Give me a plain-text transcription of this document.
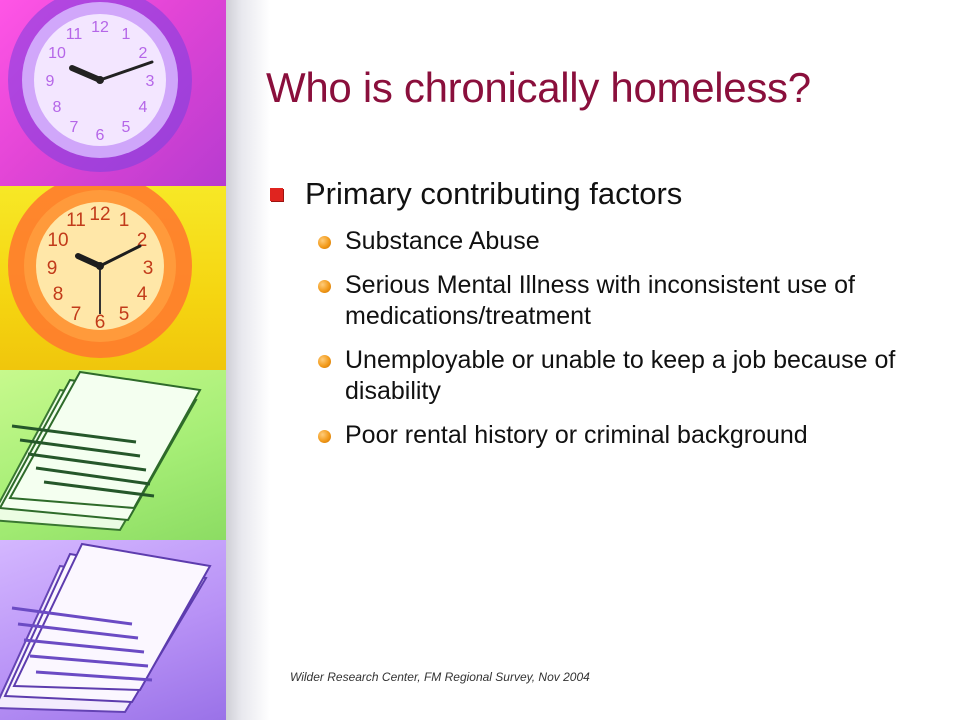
12 1
2
3
4
5
6
7
8
9
10
11
12 1
2
3
4
5
6
7
8
9
10
11
Who is chronically homeless?
Primary contributing factors
Substance Abuse
Serious Mental Illness with inconsistent use of medications/treatment
Unemployable or unable to keep a job because of disability
Poor rental history or criminal background
Wilder Research Center, FM Regional Survey, Nov 2004
